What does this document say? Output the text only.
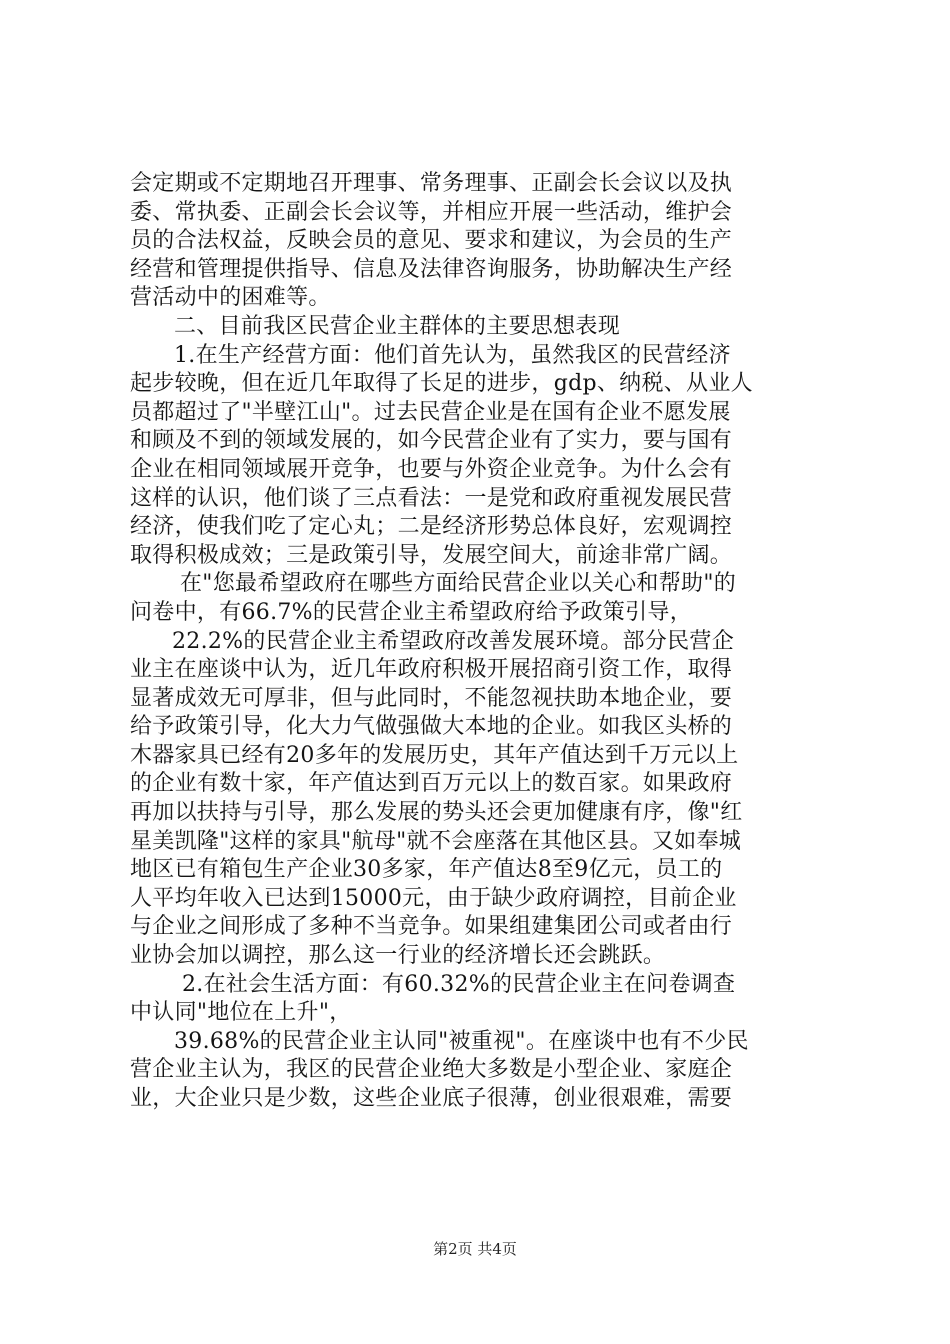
会定期或不定期地召开理事、常务理事、正副会长会议以及执
委、常执委、正副会长会议等，并相应开展一些活动，维护会
员的合法权益，反映会员的意见、要求和建议，为会员的生产
经营和管理提供指导、信息及法律咨询服务，协助解决生产经
营活动中的困难等。
二、目前我区民营企业主群体的主要思想表现
1.在生产经营方面：他们首先认为，虽然我区的民营经济
起步较晚，但在近几年取得了长足的进步，gdp、纳税、从业人
员都超过了"半壁江山"。过去民营企业是在国有企业不愿发展
和顾及不到的领域发展的，如今民营企业有了实力，要与国有
企业在相同领域展开竞争，也要与外资企业竞争。为什么会有
这样的认识，他们谈了三点看法：一是党和政府重视发展民营
经济，使我们吃了定心丸；二是经济形势总体良好，宏观调控
取得积极成效；三是政策引导，发展空间大，前途非常广阔。
在"您最希望政府在哪些方面给民营企业以关心和帮助"的
问卷中，有66.7%的民营企业主希望政府给予政策引导，
22.2%的民营企业主希望政府改善发展环境。部分民营企
业主在座谈中认为，近几年政府积极开展招商引资工作，取得
显著成效无可厚非，但与此同时，不能忽视扶助本地企业，要
给予政策引导，化大力气做强做大本地的企业。如我区头桥的
木器家具已经有20多年的发展历史，其年产值达到千万元以上
的企业有数十家，年产值达到百万元以上的数百家。如果政府
再加以扶持与引导，那么发展的势头还会更加健康有序，像"红
星美凯隆"这样的家具"航母"就不会座落在其他区县。又如奉城
地区已有箱包生产企业30多家，年产值达8至9亿元，员工的
人平均年收入已达到15000元，由于缺少政府调控，目前企业
与企业之间形成了多种不当竞争。如果组建集团公司或者由行
业协会加以调控，那么这一行业的经济增长还会跳跃。
2.在社会生活方面：有60.32%的民营企业主在问卷调查
中认同"地位在上升"，
39.68%的民营企业主认同"被重视"。在座谈中也有不少民
营企业主认为，我区的民营企业绝大多数是小型企业、家庭企
业，大企业只是少数，这些企业底子很薄，创业很艰难，需要
第2页 共4页
